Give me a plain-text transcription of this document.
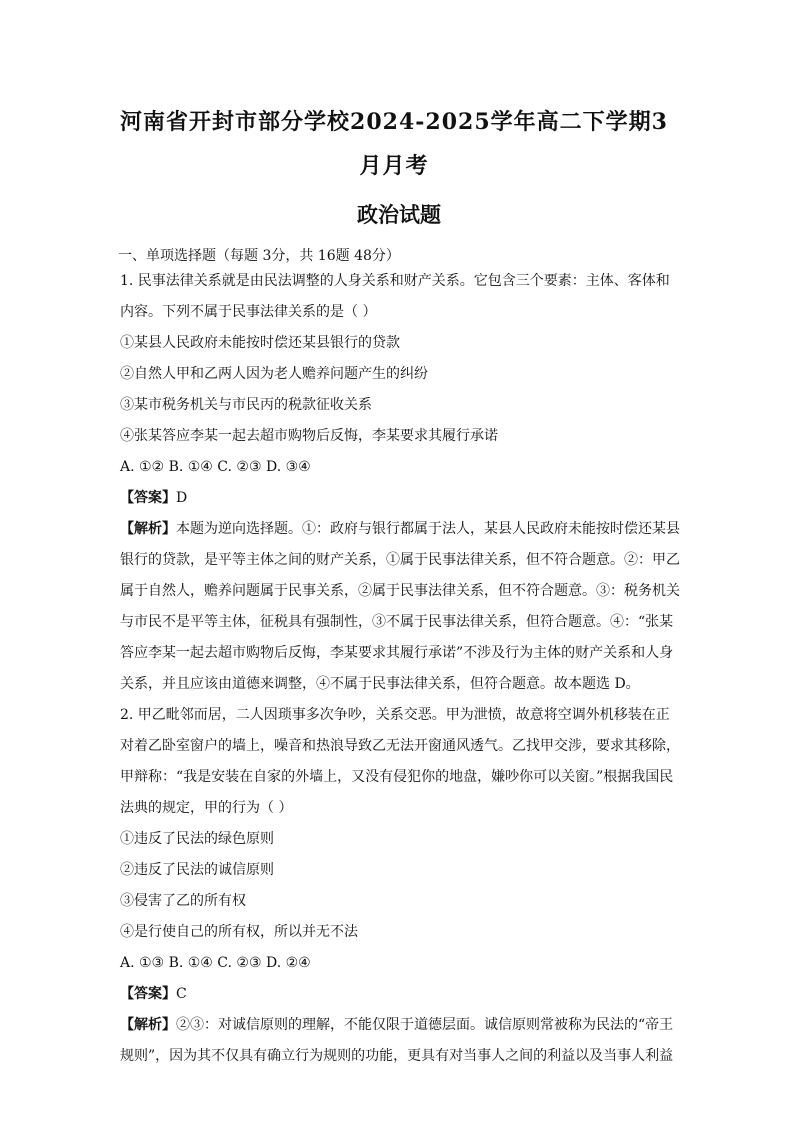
河南省开封市部分学校2024-2025学年高二下学期3月月考
政治试题
一、单项选择题（每题 3分，共 16题 48分）
1. 民事法律关系就是由民法调整的人身关系和财产关系。它包含三个要素：主体、客体和
内容。下列不属于民事法律关系的是（ ）
①某县人民政府未能按时偿还某县银行的贷款
②自然人甲和乙两人因为老人赡养问题产生的纠纷
③某市税务机关与市民丙的税款征收关系
④张某答应李某一起去超市购物后反悔，李某要求其履行承诺
A. ①② B. ①④ C. ②③ D. ③④
【答案】D
【解析】本题为逆向选择题。①：政府与银行都属于法人，某县人民政府未能按时偿还某县
银行的贷款，是平等主体之间的财产关系，①属于民事法律关系，但不符合题意。②：甲乙
属于自然人，赡养问题属于民事关系，②属于民事法律关系，但不符合题意。③：税务机关
与市民不是平等主体，征税具有强制性，③不属于民事法律关系，但符合题意。④：“张某
答应李某一起去超市购物后反悔，李某要求其履行承诺”不涉及行为主体的财产关系和人身
关系，并且应该由道德来调整，④不属于民事法律关系，但符合题意。故本题选 D。
2. 甲乙毗邻而居，二人因琐事多次争吵，关系交恶。甲为泄愤，故意将空调外机移装在正
对着乙卧室窗户的墙上，噪音和热浪导致乙无法开窗通风透气。乙找甲交涉，要求其移除，
甲辩称：“我是安装在自家的外墙上，又没有侵犯你的地盘，嫌吵你可以关窗。”根据我国民
法典的规定，甲的行为（ ）
①违反了民法的绿色原则
②违反了民法的诚信原则
③侵害了乙的所有权
④是行使自己的所有权，所以并无不法
A. ①③ B. ①④ C. ②③ D. ②④
【答案】C
【解析】②③：对诚信原则的理解，不能仅限于道德层面。诚信原则常被称为民法的“帝王
规则”，因为其不仅具有确立行为规则的功能，更具有对当事人之间的利益以及当事人利益
